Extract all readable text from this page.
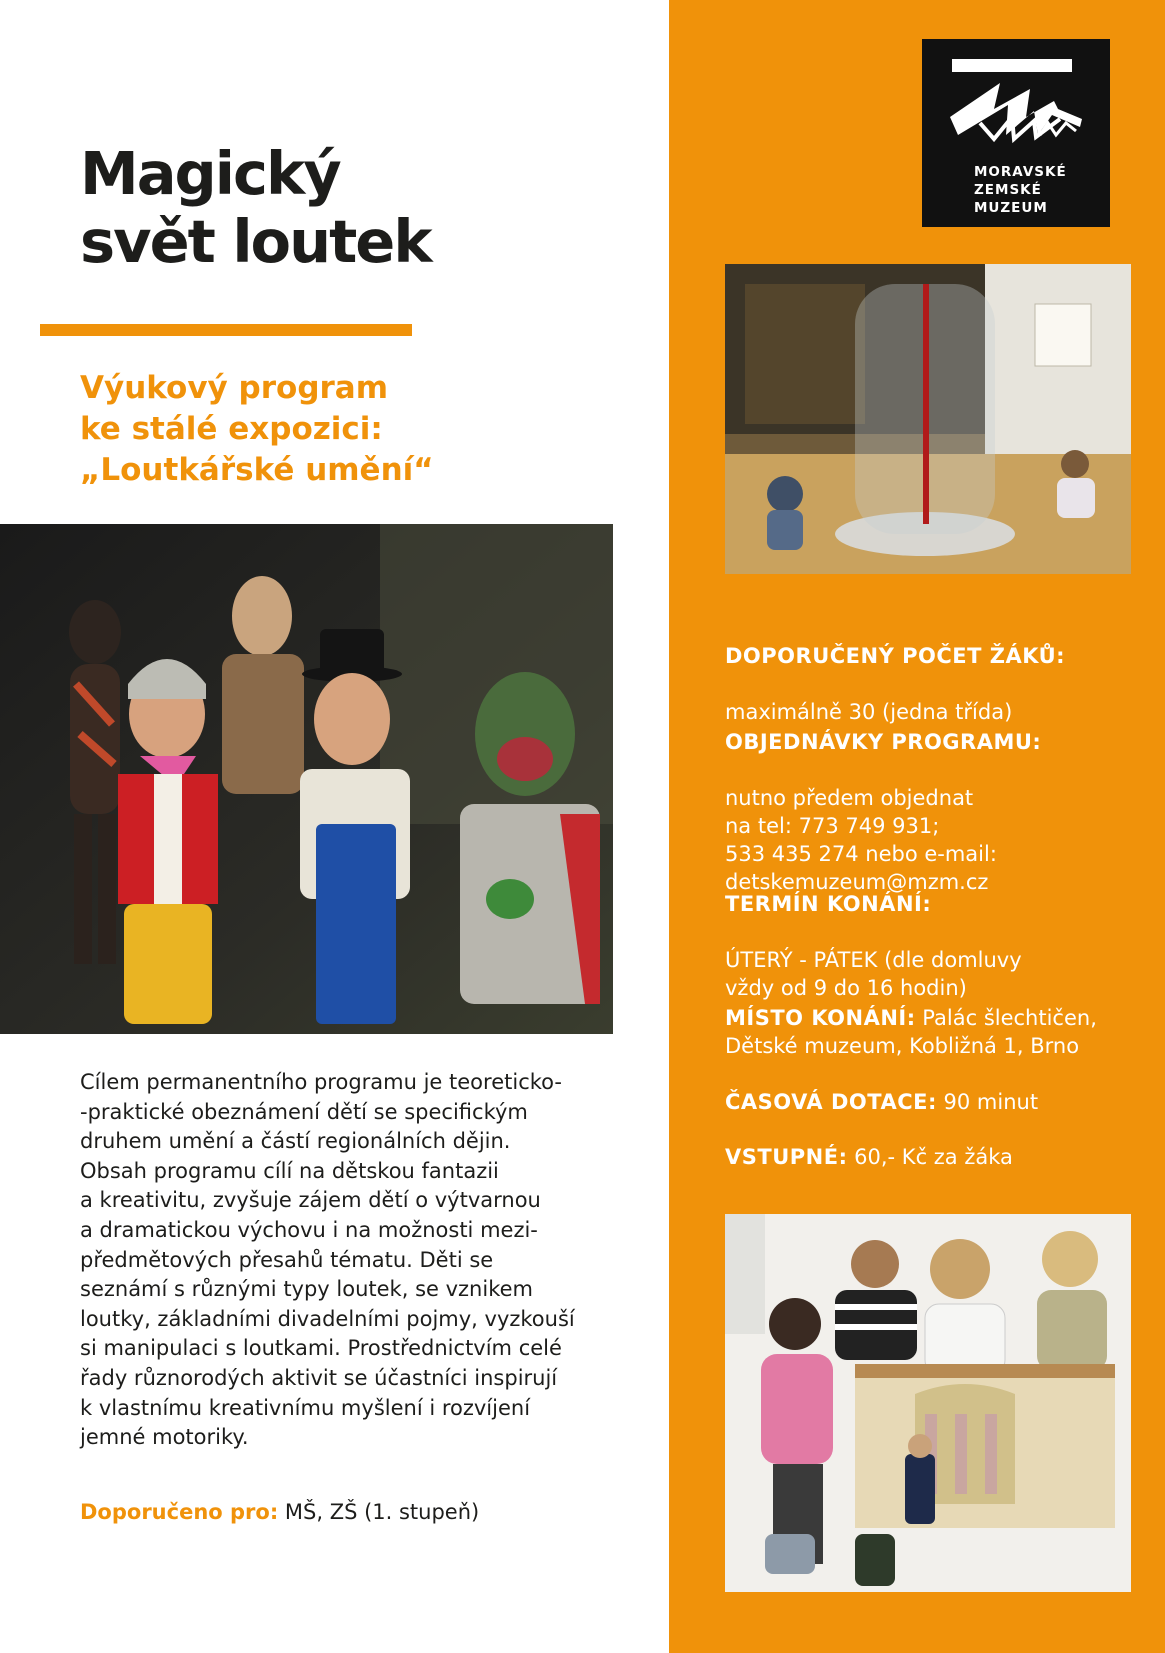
MORAVSKÉ
ZEMSKÉ
MUZEUM
Magický
svět loutek
Výukový program
ke stálé expozici:
„Loutkářské umění“
Cílem permanentního programu je teoreticko-
-praktické obeznámení dětí se specifickým
druhem umění a částí regionálních dějin.
Obsah programu cílí na dětskou fantazii
a kreativitu, zvyšuje zájem dětí o výtvarnou
a dramatickou výchovu i na možnosti mezi-
předmětových přesahů tématu. Děti se
seznámí s různými typy loutek, se vznikem
loutky, základními divadelními pojmy, vyzkouší
si manipulaci s loutkami. Prostřednictvím celé
řady různorodých aktivit se účastníci inspirují
k vlastnímu kreativnímu myšlení i rozvíjení
jemné motoriky.
Doporučeno pro: MŠ, ZŠ (1. stupeň)

DOPORUČENÝ POČET ŽÁKŮ:

maximálně 30 (jedna třída)

OBJEDNÁVKY PROGRAMU:

nutno předem objednat
na tel: 773 749 931;
533 435 274 nebo e-mail:
detskemuzeum@mzm.cz

TERMÍN KONÁNÍ:

ÚTERÝ - PÁTEK (dle domluvy
vždy od 9 do 16 hodin)

MÍSTO KONÁNÍ: Palác šlechtičen,
Dětské muzeum, Kobližná 1, Brno

ČASOVÁ DOTACE: 90 minut

VSTUPNÉ: 60,- Kč za žáka
